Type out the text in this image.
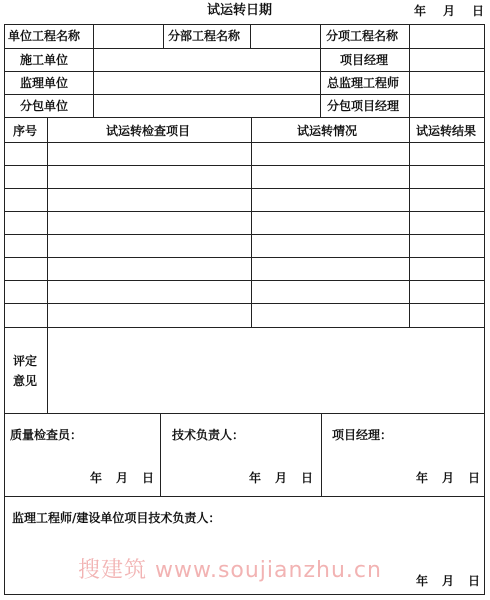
试运转日期	年 月 日
单位工程名称	分部工程名称	分项工程名称
施工单位	项目经理
监理单位	总监理工程师
分包单位	分包项目经理
序号	试运转检查项目	试运转情况	试运转结果
评定
意见
质量检查员：	技术负责人：	项目经理：
年 月 日	年 月 日	年 月 日
监理工程师/建设单位项目技术负责人：
年 月 日
搜建筑 www.soujianzhu.cn
